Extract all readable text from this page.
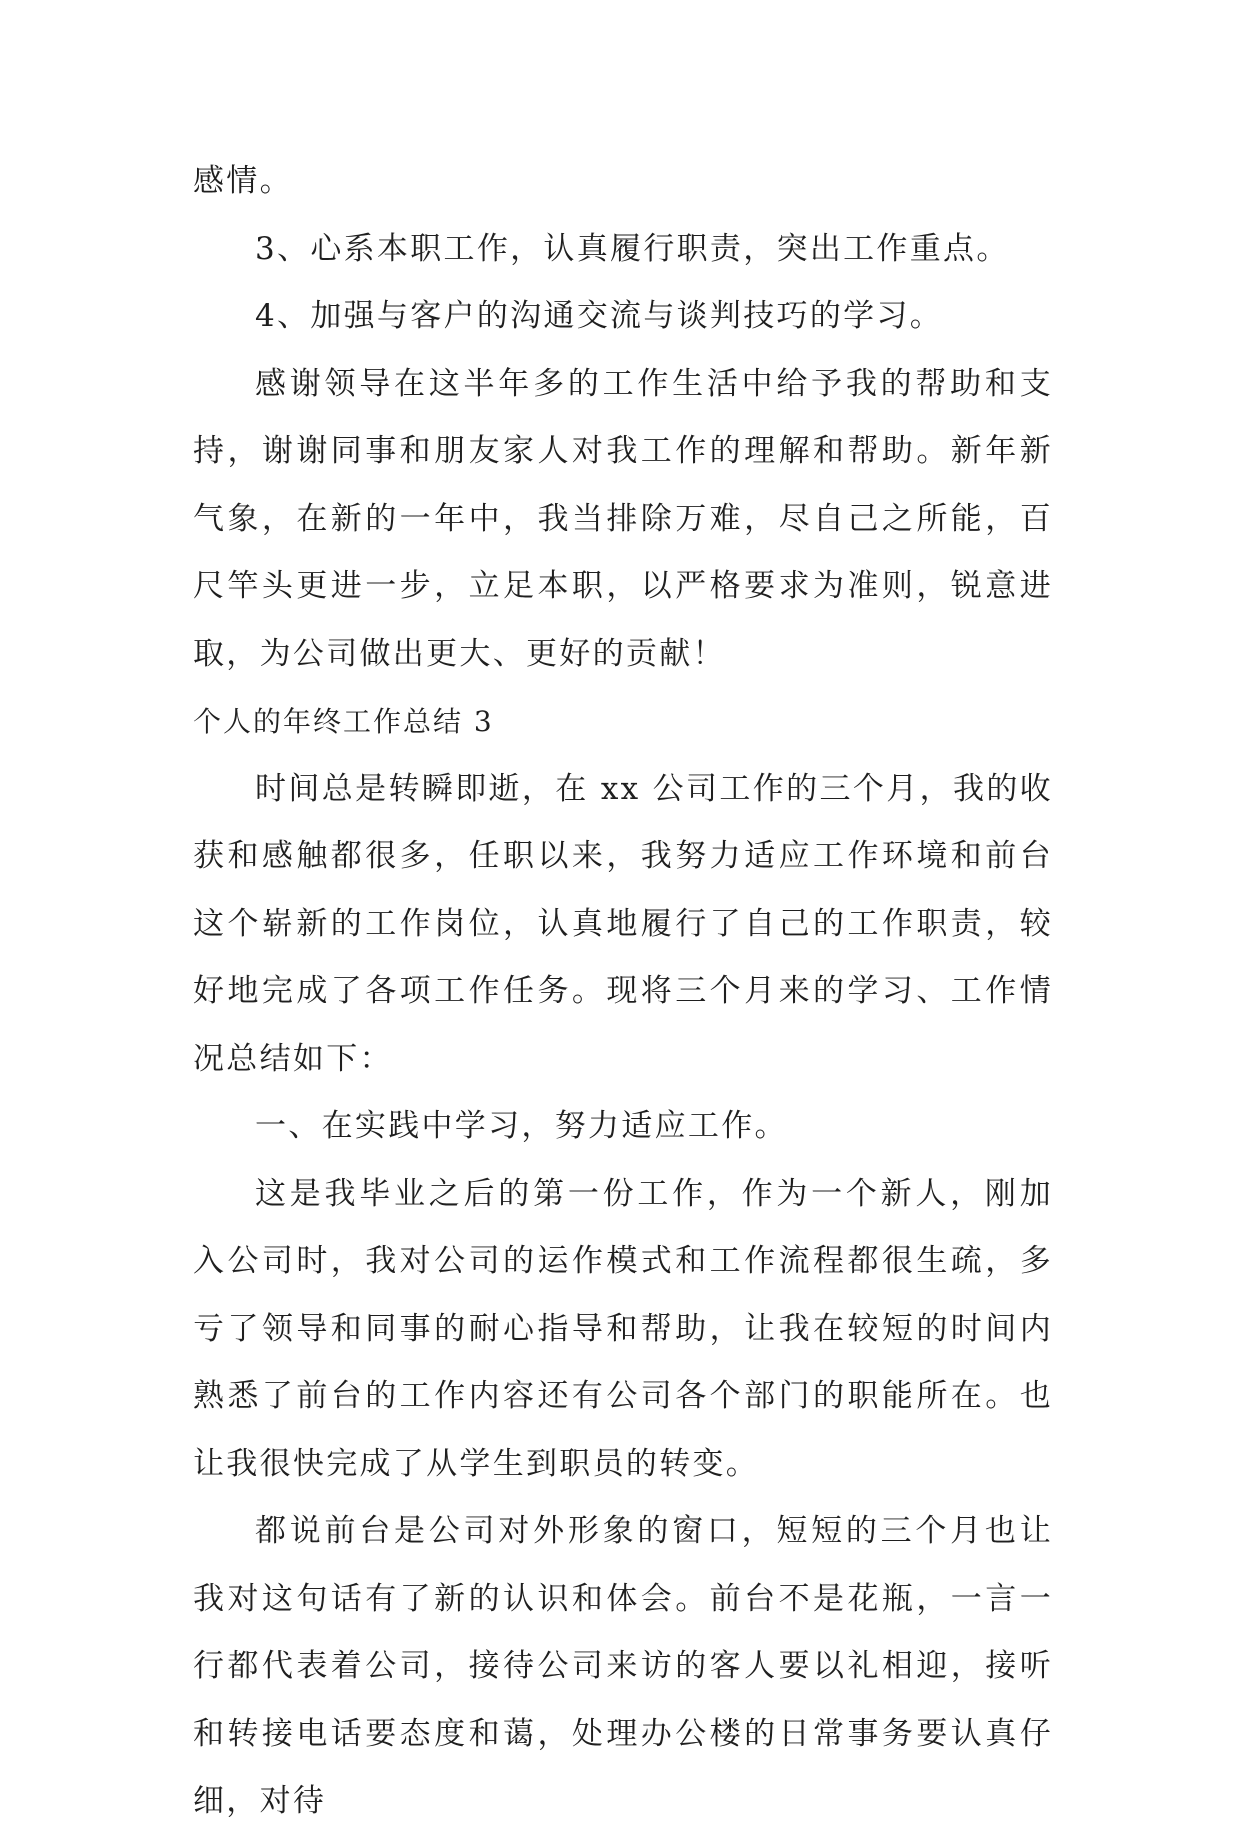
感情。

3、心系本职工作，认真履行职责，突出工作重点。

4、加强与客户的沟通交流与谈判技巧的学习。

感谢领导在这半年多的工作生活中给予我的帮助和支持，谢谢同事和朋友家人对我工作的理解和帮助。新年新气象，在新的一年中，我当排除万难，尽自己之所能，百尺竿头更进一步，立足本职，以严格要求为准则，锐意进取，为公司做出更大、更好的贡献！

个人的年终工作总结 3

时间总是转瞬即逝，在 xx 公司工作的三个月，我的收获和感触都很多，任职以来，我努力适应工作环境和前台这个崭新的工作岗位，认真地履行了自己的工作职责，较好地完成了各项工作任务。现将三个月来的学习、工作情况总结如下：

一、在实践中学习，努力适应工作。

这是我毕业之后的第一份工作，作为一个新人，刚加入公司时，我对公司的运作模式和工作流程都很生疏，多亏了领导和同事的耐心指导和帮助，让我在较短的时间内熟悉了前台的工作内容还有公司各个部门的职能所在。也让我很快完成了从学生到职员的转变。

都说前台是公司对外形象的窗口，短短的三个月也让我对这句话有了新的认识和体会。前台不是花瓶，一言一行都代表着公司，接待公司来访的客人要以礼相迎，接听和转接电话要态度和蔼，处理办公楼的日常事务要认真仔细，对待
